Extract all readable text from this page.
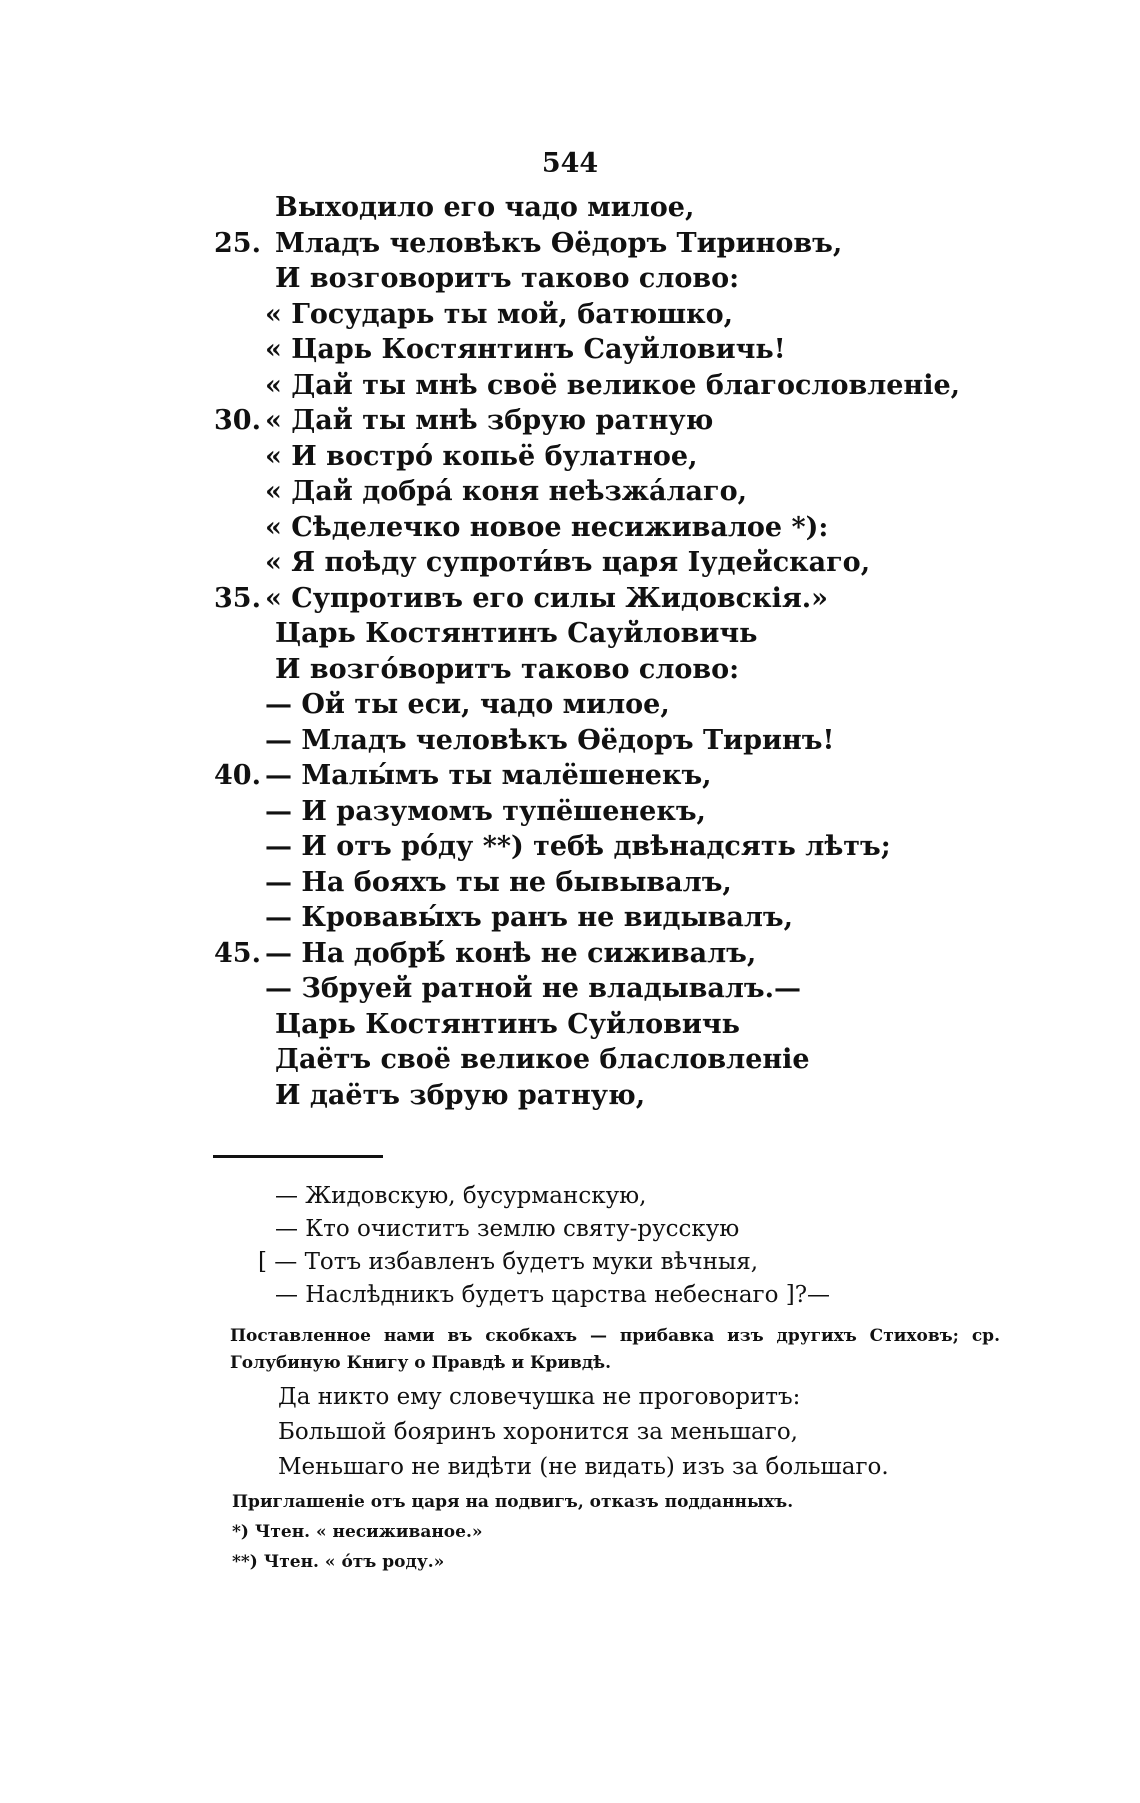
544
Выходило его чадо милое,
25. Младъ человѣкъ Ѳёдоръ Тириновъ,
И возговоритъ таково слово:
« Государь ты мой, батюшко,
« Царь Костянтинъ Сауйловичь!
« Дай ты мнѣ своё великое благословленіе,
30. « Дай ты мнѣ збрую ратную
« И востро́ копьё булатное,
« Дай добра́ коня неѣзжа́лаго,
« Сѣделечко новое несиживалое *):
« Я поѣду супроти́въ царя Іудейскаго,
35. « Супротивъ его силы Жидовскія.»
Царь Костянтинъ Сауйловичь
И возго́воритъ таково слово:
— Ой ты еси, чадо милое,
— Младъ человѣкъ Ѳёдоръ Тиринъ!
40. — Малы́мъ ты малёшенекъ,
— И разумомъ тупёшенекъ,
— И отъ ро́ду **) тебѣ двѣнадсять лѣтъ;
— На бояхъ ты не бывывалъ,
— Кровавы́хъ ранъ не видывалъ,
45. — На добрѣ́ конѣ не сиживалъ,
— Збруей ратной не владывалъ.—
Царь Костянтинъ Суйловичь
Даётъ своё великое бласловленіе
И даётъ збрую ратную,
— Жидовскую, бусурманскую,
— Кто очиститъ землю святу-русскую
[ — Тотъ избавленъ будетъ муки вѣчныя,
— Наслѣдникъ будетъ царства небеснаго ]?—
Поставленное нами въ скобкахъ — прибавка изъ другихъ Стиховъ; ср. Голубиную Книгу о Правдѣ и Кривдѣ.
Да никто ему словечушка не проговоритъ:
Большой бояринъ хоронится за меньшаго,
Меньшаго не видѣти (не видать) изъ за большаго.
Приглашеніе отъ царя на подвигъ, отказъ подданныхъ.
*) Чтен. « несиживаное.»
**) Чтен. « о́тъ роду.»
